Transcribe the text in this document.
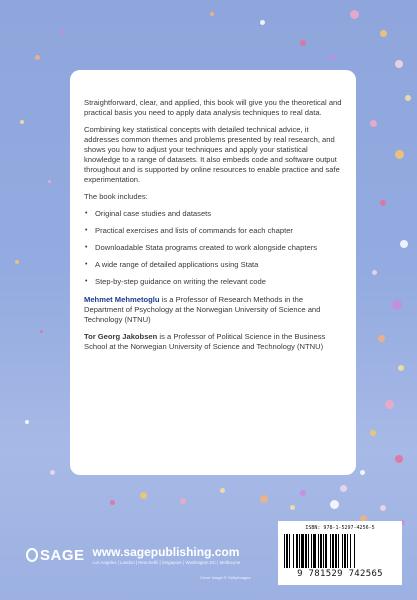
Straightforward, clear, and applied, this book will give you the theoretical and practical basis you need to apply data analysis techniques to real data.

Combining key statistical concepts with detailed technical advice, it addresses common themes and problems presented by real research, and shows you how to adjust your techniques and apply your statistical knowledge to a range of datasets. It also embeds code and software output throughout and is supported by online resources to enable practice and safe experimentation.

The book includes:

• Original case studies and datasets
• Practical exercises and lists of commands for each chapter
• Downloadable Stata programs created to work alongside chapters
• A wide range of detailed applications using Stata
• Step-by-step guidance on writing the relevant code

Mehmet Mehmetoglu is a Professor of Research Methods in the Department of Psychology at the Norwegian University of Science and Technology (NTNU)

Tor Georg Jakobsen is a Professor of Political Science in the Business School at the Norwegian University of Science and Technology (NTNU)

SAGE www.sagepublishing.com
Los Angeles | London | New Delhi | Singapore | Washington DC | Melbourne
Cover image © GettyImages
ISBN: 978-1-5297-4256-5
9 781529 742565
